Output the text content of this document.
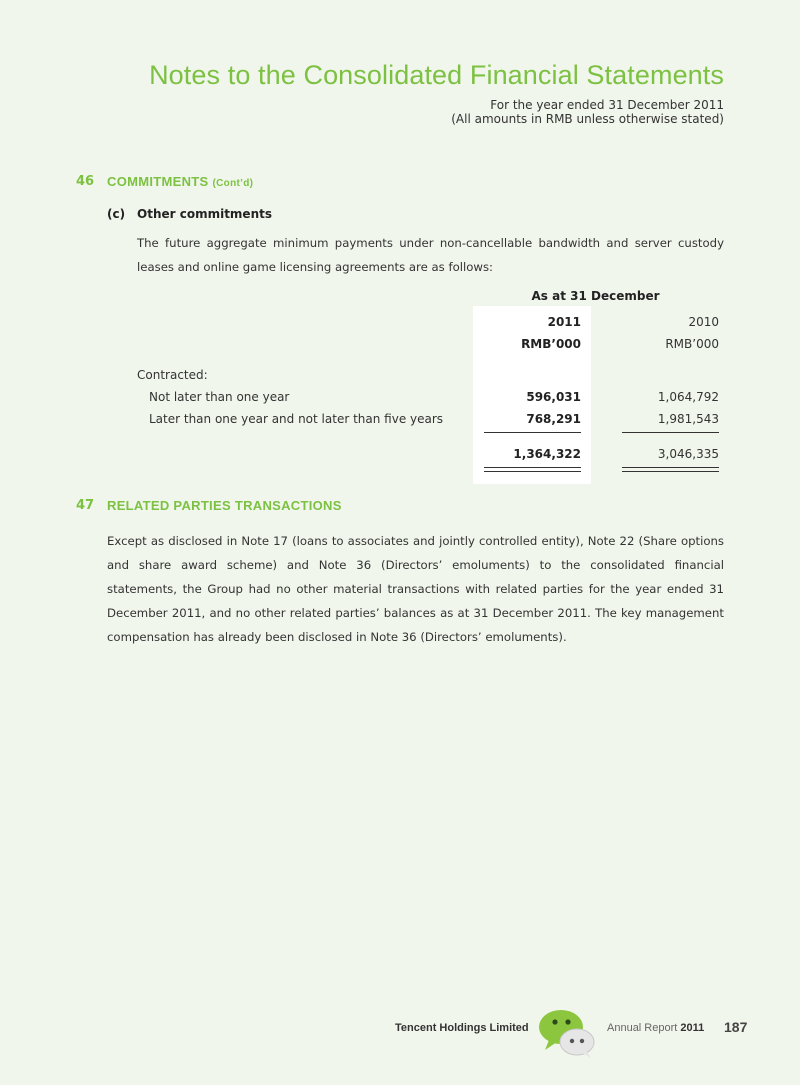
Notes to the Consolidated Financial Statements
For the year ended 31 December 2011
(All amounts in RMB unless otherwise stated)
46 COMMITMENTS (Cont’d)
(c) Other commitments
The future aggregate minimum payments under non-cancellable bandwidth and server custody leases and online game licensing agreements are as follows:
As at 31 December
2011	2010
RMB’000	RMB’000
Contracted:
Not later than one year	596,031	1,064,792
Later than one year and not later than five years	768,291	1,981,543
1,364,322	3,046,335
47 RELATED PARTIES TRANSACTIONS
Except as disclosed in Note 17 (loans to associates and jointly controlled entity), Note 22 (Share options and share award scheme) and Note 36 (Directors’ emoluments) to the consolidated financial statements, the Group had no other material transactions with related parties for the year ended 31 December 2011, and no other related parties’ balances as at 31 December 2011. The key management compensation has already been disclosed in Note 36 (Directors’ emoluments).
Tencent Holdings Limited	Annual Report 2011 187
